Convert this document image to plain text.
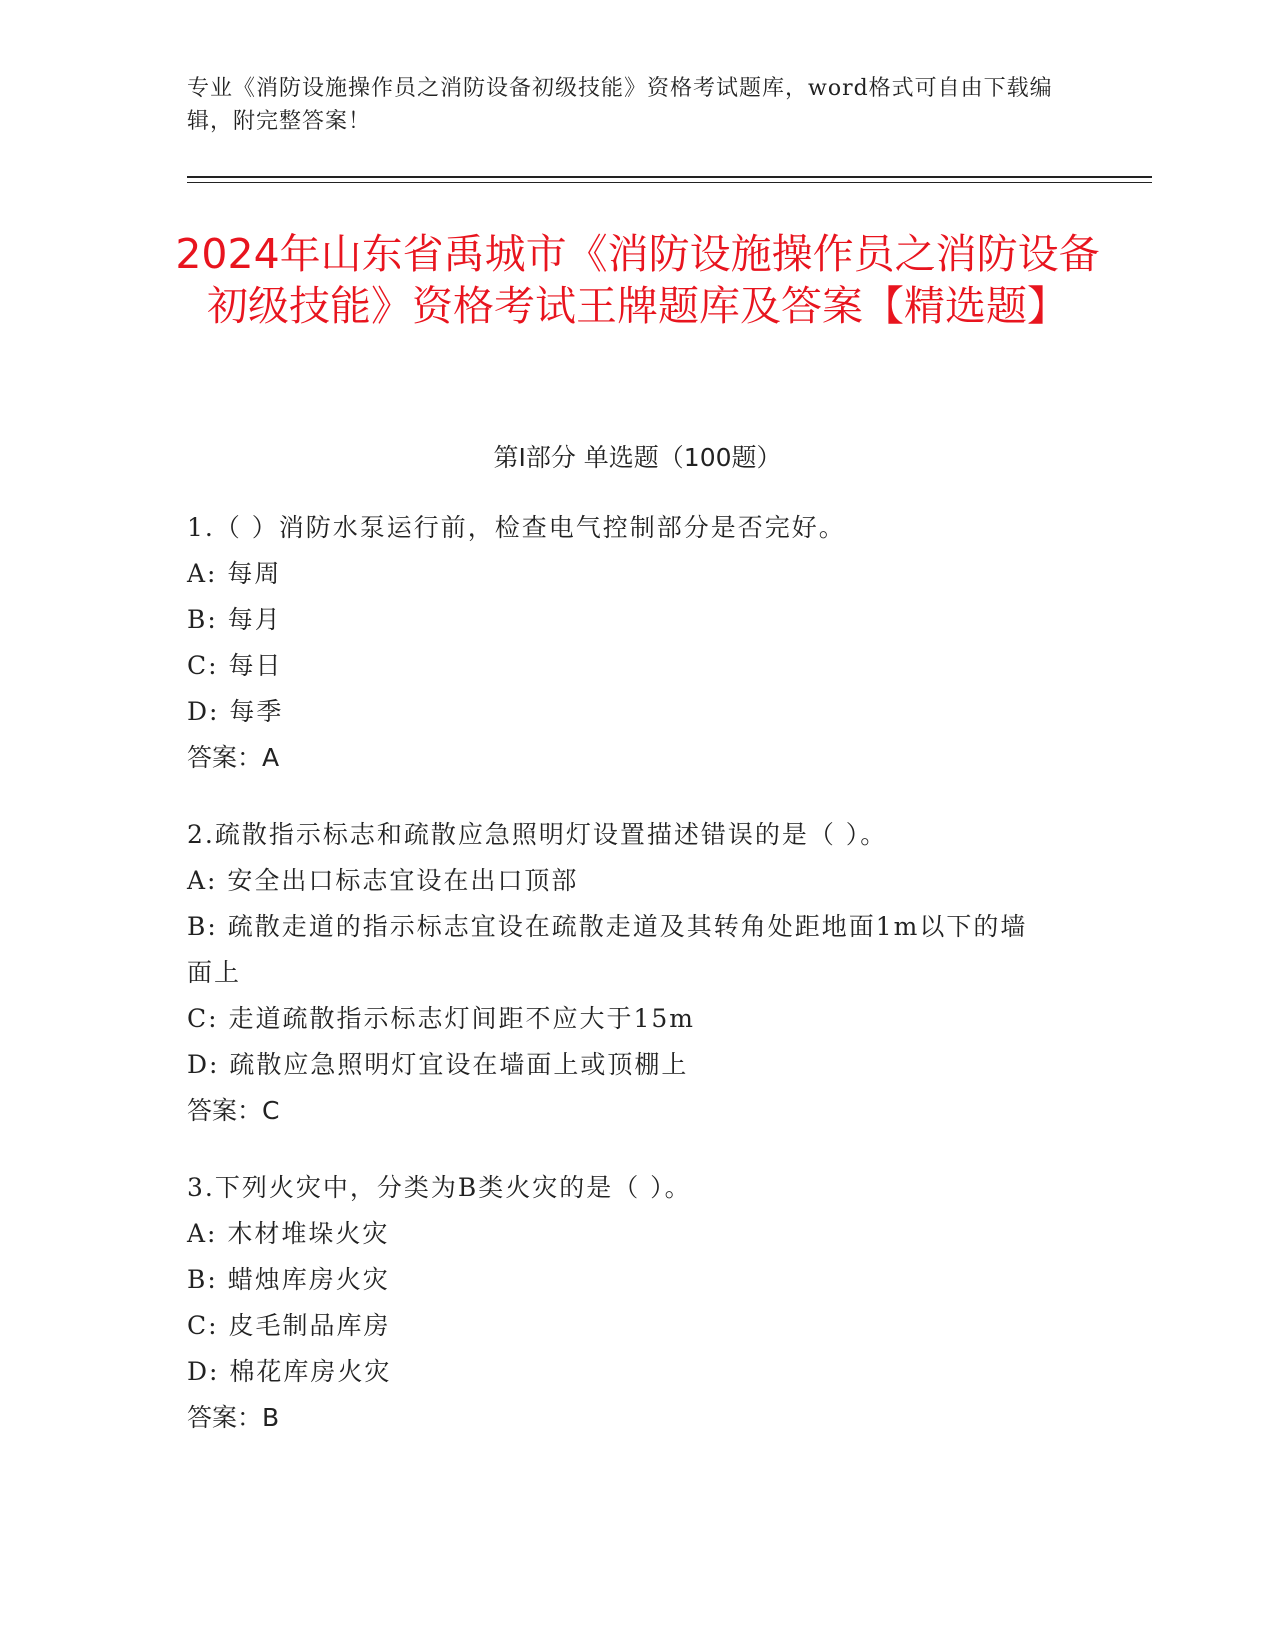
专业《消防设施操作员之消防设备初级技能》资格考试题库，word格式可自由下载编辑，附完整答案！
2024年山东省禹城市《消防设施操作员之消防设备初级技能》资格考试王牌题库及答案【精选题】
第Ⅰ部分 单选题（100题）
1.（ ）消防水泵运行前，检查电气控制部分是否完好。
A: 每周
B: 每月
C: 每日
D: 每季
答案：A
2.疏散指示标志和疏散应急照明灯设置描述错误的是（ ）。
A: 安全出口标志宜设在出口顶部
B: 疏散走道的指示标志宜设在疏散走道及其转角处距地面1m以下的墙面上
C: 走道疏散指示标志灯间距不应大于15m
D: 疏散应急照明灯宜设在墙面上或顶棚上
答案：C
3.下列火灾中，分类为B类火灾的是（ ）。
A: 木材堆垛火灾
B: 蜡烛库房火灾
C: 皮毛制品库房
D: 棉花库房火灾
答案：B
